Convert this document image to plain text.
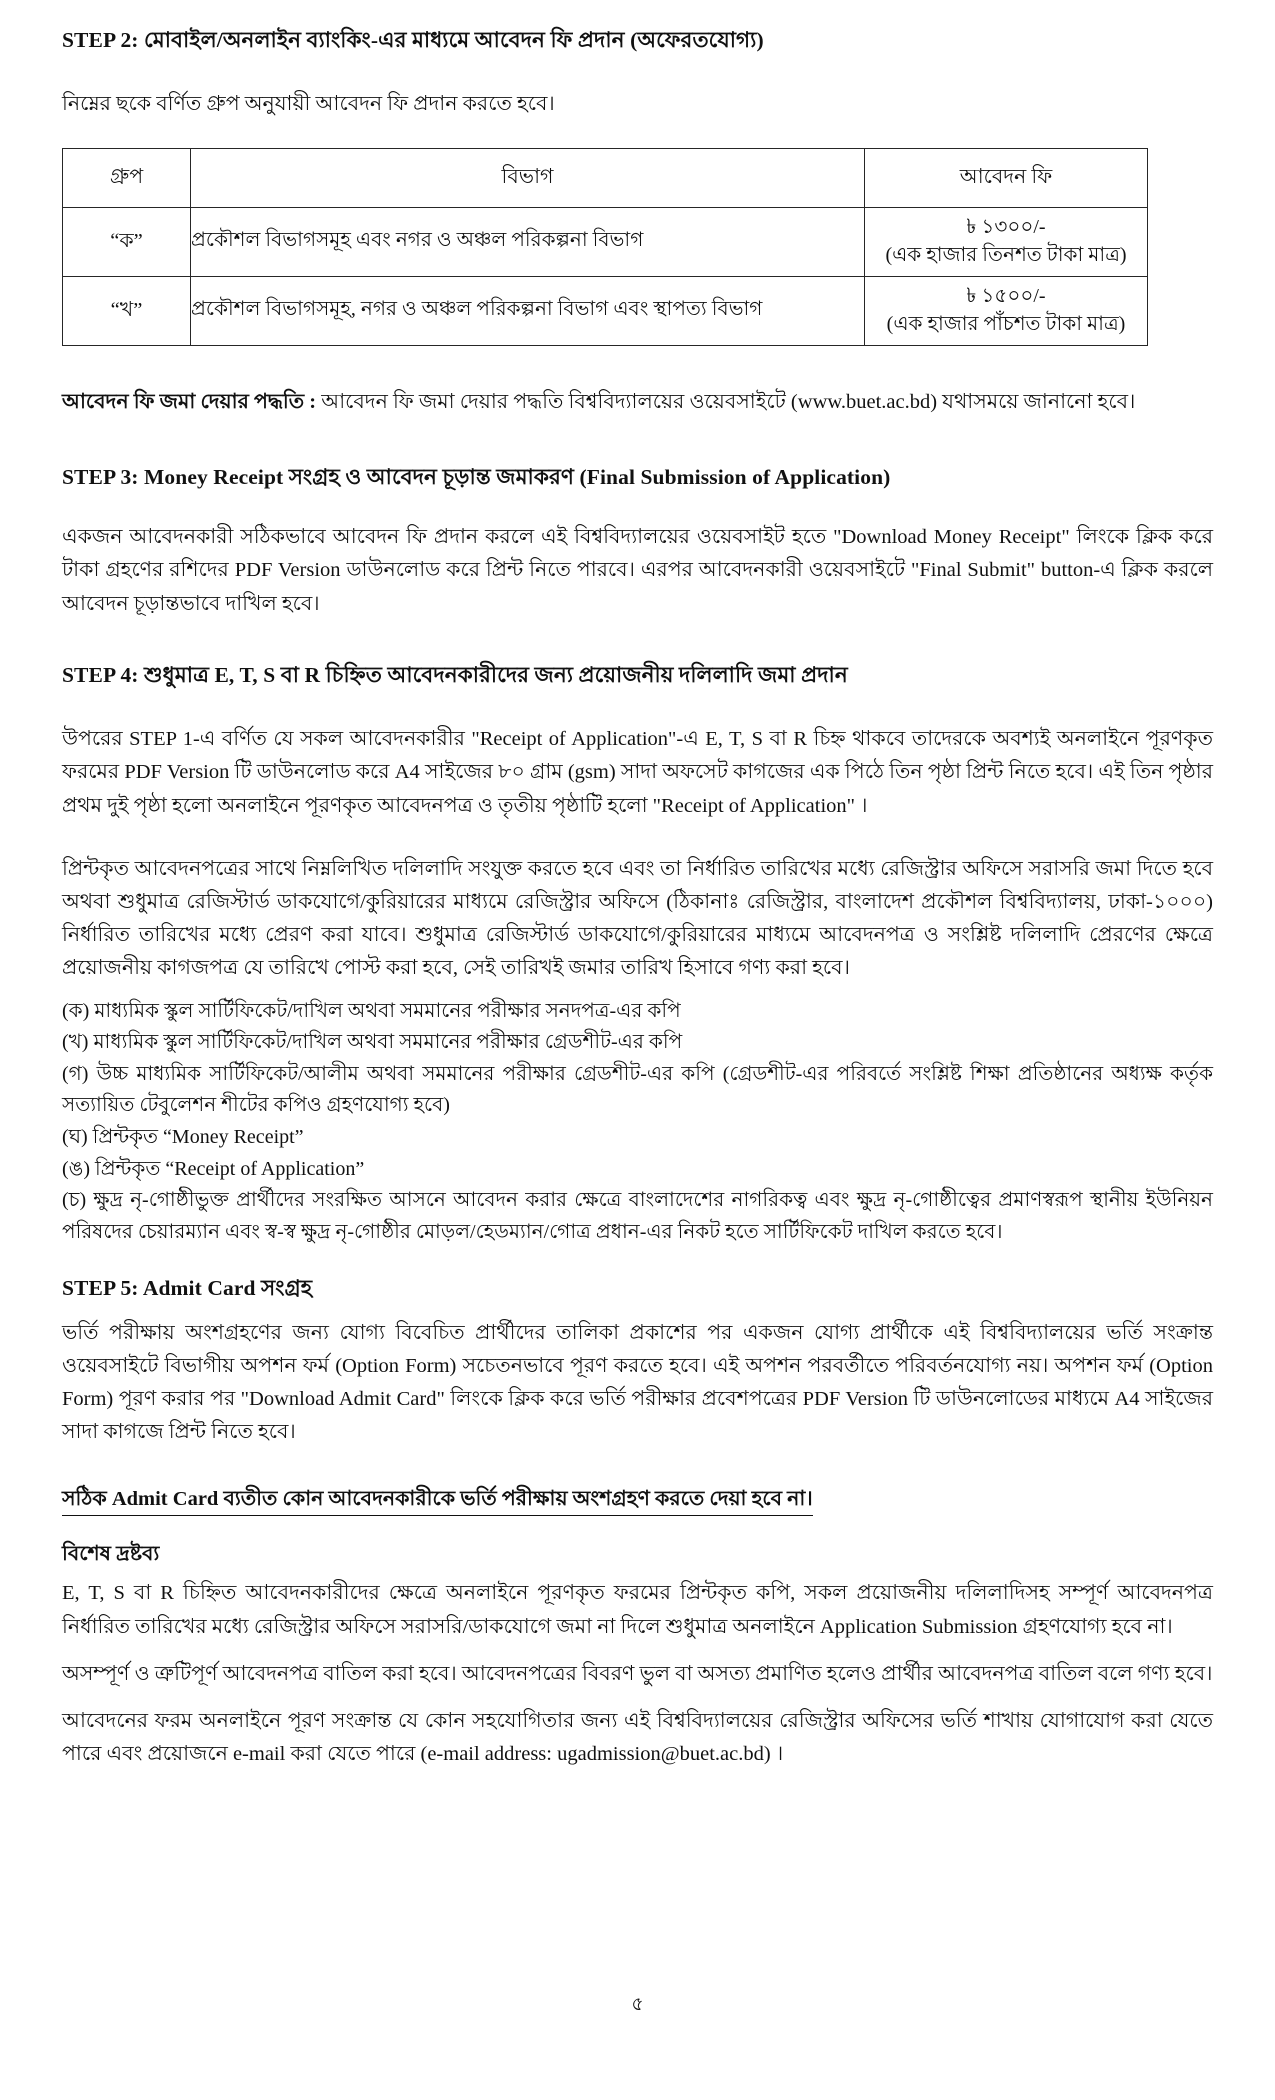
STEP 2: মোবাইল/অনলাইন ব্যাংকিং-এর মাধ্যমে আবেদন ফি প্রদান (অফেরতযোগ্য)

নিম্নের ছকে বর্ণিত গ্রুপ অনুযায়ী আবেদন ফি প্রদান করতে হবে।

গ্রুপ	বিভাগ	আবেদন ফি
“ক”	প্রকৌশল বিভাগসমূহ এবং নগর ও অঞ্চল পরিকল্পনা বিভাগ	৳ ১৩০০/-
(এক হাজার তিনশত টাকা মাত্র)

“খ”	প্রকৌশল বিভাগসমূহ, নগর ও অঞ্চল পরিকল্পনা বিভাগ এবং স্থাপত্য বিভাগ	৳ ১৫০০/-
(এক হাজার পাঁচশত টাকা মাত্র)

আবেদন ফি জমা দেয়ার পদ্ধতি : আবেদন ফি জমা দেয়ার পদ্ধতি বিশ্ববিদ্যালয়ের ওয়েবসাইটে (www.buet.ac.bd) যথাসময়ে জানানো হবে।

STEP 3: Money Receipt সংগ্রহ ও আবেদন চূড়ান্ত জমাকরণ (Final Submission of Application)

একজন আবেদনকারী সঠিকভাবে আবেদন ফি প্রদান করলে এই বিশ্ববিদ্যালয়ের ওয়েবসাইট হতে "Download Money Receipt" লিংকে ক্লিক করে টাকা গ্রহণের রশিদের PDF Version ডাউনলোড করে প্রিন্ট নিতে পারবে। এরপর আবেদনকারী ওয়েবসাইটে "Final Submit" button-এ ক্লিক করলে আবেদন চূড়ান্তভাবে দাখিল হবে।

STEP 4: শুধুমাত্র E, T, S বা R চিহ্নিত আবেদনকারীদের জন্য প্রয়োজনীয় দলিলাদি জমা প্রদান

উপরের STEP 1-এ বর্ণিত যে সকল আবেদনকারীর "Receipt of Application"-এ E, T, S বা R চিহ্ন থাকবে তাদেরকে অবশ্যই অনলাইনে পূরণকৃত ফরমের PDF Version টি ডাউনলোড করে A4 সাইজের ৮০ গ্রাম (gsm) সাদা অফসেট কাগজের এক পিঠে তিন পৃষ্ঠা প্রিন্ট নিতে হবে। এই তিন পৃষ্ঠার প্রথম দুই পৃষ্ঠা হলো অনলাইনে পূরণকৃত আবেদনপত্র ও তৃতীয় পৃষ্ঠাটি হলো "Receipt of Application" ।

প্রিন্টকৃত আবেদনপত্রের সাথে নিম্নলিখিত দলিলাদি সংযুক্ত করতে হবে এবং তা নির্ধারিত তারিখের মধ্যে রেজিস্ট্রার অফিসে সরাসরি জমা দিতে হবে অথবা শুধুমাত্র রেজিস্টার্ড ডাকযোগে/কুরিয়ারের মাধ্যমে রেজিস্ট্রার অফিসে (ঠিকানাঃ রেজিস্ট্রার, বাংলাদেশ প্রকৌশল বিশ্ববিদ্যালয়, ঢাকা-১০০০) নির্ধারিত তারিখের মধ্যে প্রেরণ করা যাবে। শুধুমাত্র রেজিস্টার্ড ডাকযোগে/কুরিয়ারের মাধ্যমে আবেদনপত্র ও সংশ্লিষ্ট দলিলাদি প্রেরণের ক্ষেত্রে প্রয়োজনীয় কাগজপত্র যে তারিখে পোস্ট করা হবে, সেই তারিখই জমার তারিখ হিসাবে গণ্য করা হবে।

(ক) মাধ্যমিক স্কুল সার্টিফিকেট/দাখিল অথবা সমমানের পরীক্ষার সনদপত্র-এর কপি

(খ) মাধ্যমিক স্কুল সার্টিফিকেট/দাখিল অথবা সমমানের পরীক্ষার গ্রেডশীট-এর কপি

(গ) উচ্চ মাধ্যমিক সার্টিফিকেট/আলীম অথবা সমমানের পরীক্ষার গ্রেডশীট-এর কপি (গ্রেডশীট-এর পরিবর্তে সংশ্লিষ্ট শিক্ষা প্রতিষ্ঠানের অধ্যক্ষ কর্তৃক সত্যায়িত টেবুলেশন শীটের কপিও গ্রহণযোগ্য হবে)

(ঘ) প্রিন্টকৃত “Money Receipt”

(ঙ) প্রিন্টকৃত “Receipt of Application”

(চ) ক্ষুদ্র নৃ-গোষ্ঠীভুক্ত প্রার্থীদের সংরক্ষিত আসনে আবেদন করার ক্ষেত্রে বাংলাদেশের নাগরিকত্ব এবং ক্ষুদ্র নৃ-গোষ্ঠীত্বের প্রমাণস্বরূপ স্থানীয় ইউনিয়ন পরিষদের চেয়ারম্যান এবং স্ব-স্ব ক্ষুদ্র নৃ-গোষ্ঠীর মোড়ল/হেডম্যান/গোত্র প্রধান-এর নিকট হতে সার্টিফিকেট দাখিল করতে হবে।

STEP 5: Admit Card সংগ্রহ

ভর্তি পরীক্ষায় অংশগ্রহণের জন্য যোগ্য বিবেচিত প্রার্থীদের তালিকা প্রকাশের পর একজন যোগ্য প্রার্থীকে এই বিশ্ববিদ্যালয়ের ভর্তি সংক্রান্ত ওয়েবসাইটে বিভাগীয় অপশন ফর্ম (Option Form) সচেতনভাবে পূরণ করতে হবে। এই অপশন পরবর্তীতে পরিবর্তনযোগ্য নয়। অপশন ফর্ম (Option Form) পূরণ করার পর "Download Admit Card" লিংকে ক্লিক করে ভর্তি পরীক্ষার প্রবেশপত্রের PDF Version টি ডাউনলোডের মাধ্যমে A4 সাইজের সাদা কাগজে প্রিন্ট নিতে হবে।

সঠিক Admit Card ব্যতীত কোন আবেদনকারীকে ভর্তি পরীক্ষায় অংশগ্রহণ করতে দেয়া হবে না।

বিশেষ দ্রষ্টব্য

E, T, S বা R চিহ্নিত আবেদনকারীদের ক্ষেত্রে অনলাইনে পূরণকৃত ফরমের প্রিন্টকৃত কপি, সকল প্রয়োজনীয় দলিলাদিসহ সম্পূর্ণ আবেদনপত্র নির্ধারিত তারিখের মধ্যে রেজিস্ট্রার অফিসে সরাসরি/ডাকযোগে জমা না দিলে শুধুমাত্র অনলাইনে Application Submission গ্রহণযোগ্য হবে না।

অসম্পূর্ণ ও ত্রুটিপূর্ণ আবেদনপত্র বাতিল করা হবে। আবেদনপত্রের বিবরণ ভুল বা অসত্য প্রমাণিত হলেও প্রার্থীর আবেদনপত্র বাতিল বলে গণ্য হবে।

আবেদনের ফরম অনলাইনে পূরণ সংক্রান্ত যে কোন সহযোগিতার জন্য এই বিশ্ববিদ্যালয়ের রেজিস্ট্রার অফিসের ভর্তি শাখায় যোগাযোগ করা যেতে পারে এবং প্রয়োজনে e-mail করা যেতে পারে (e-mail address: ugadmission@buet.ac.bd) ।

৫
